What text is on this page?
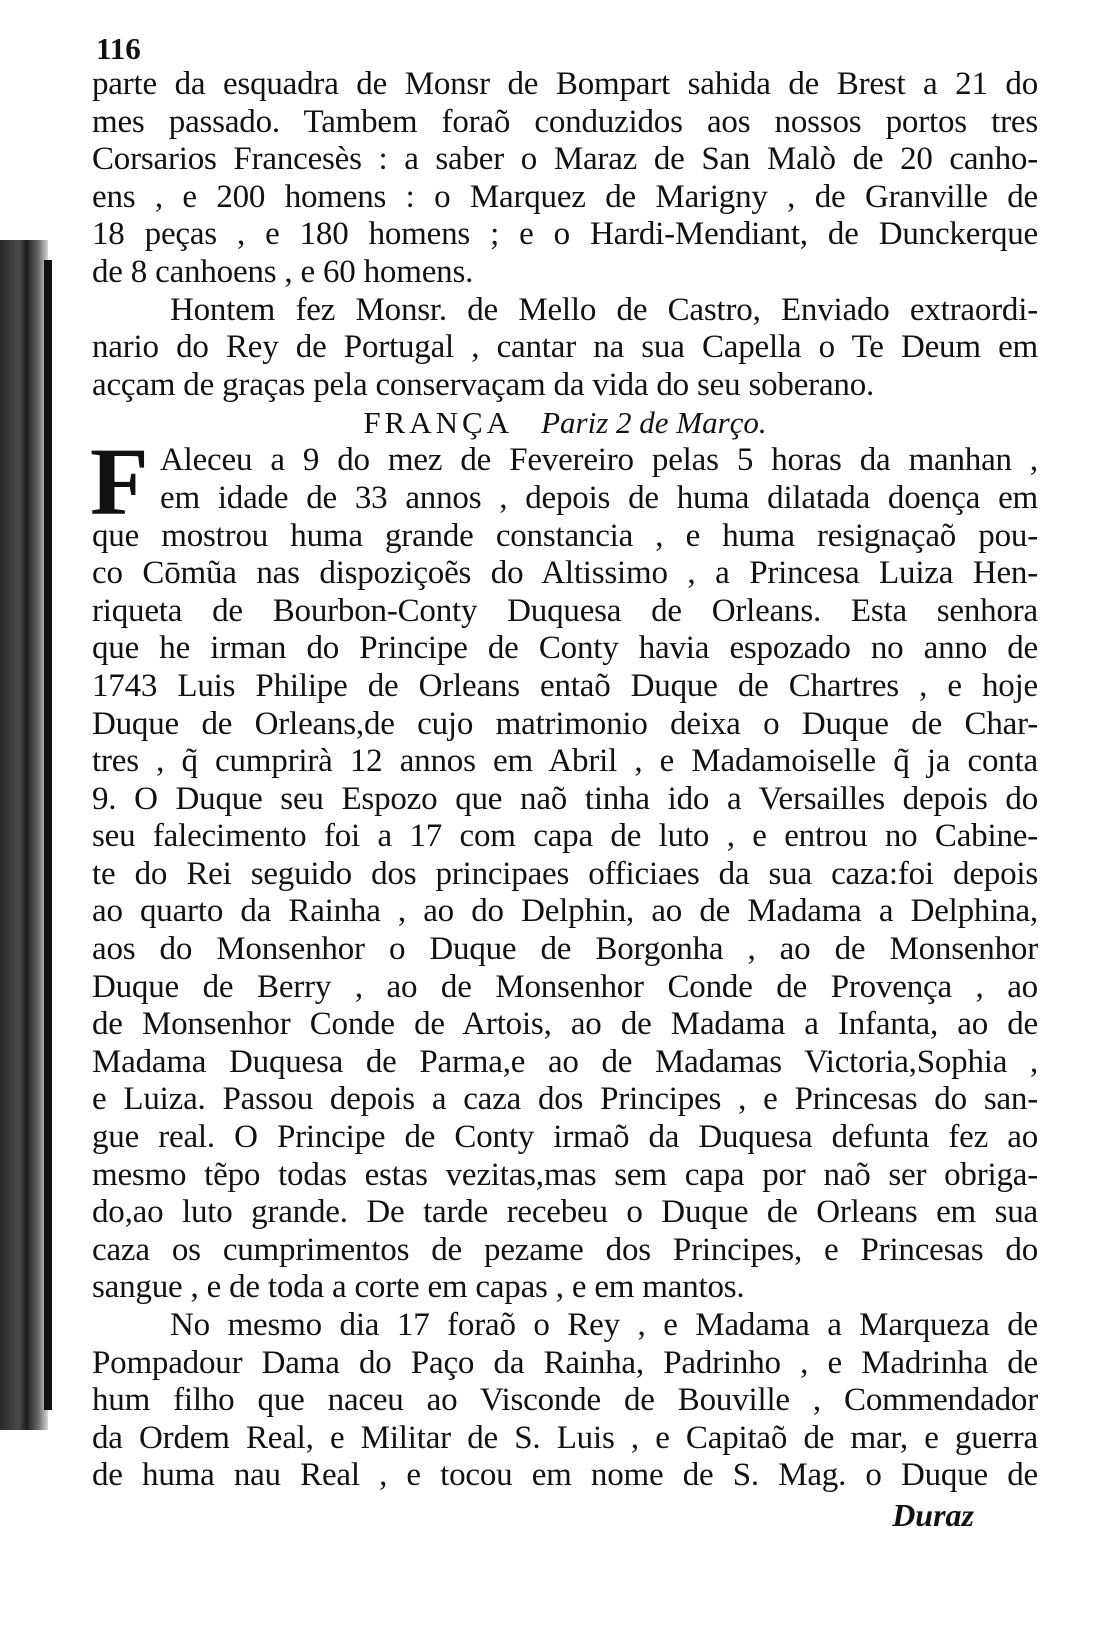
116
parte da esquadra de Monsr de Bompart sahida de Brest a 21 do
mes passado. Tambem foraõ conduzidos aos nossos portos tres
Corsarios Francesès : a saber o Maraz de San Malò de 20 canho-
ens , e 200 homens : o Marquez de Marigny , de Granville de
18 peças , e 180 homens ; e o Hardi-Mendiant, de Dunckerque
de 8 canhoens , e 60 homens.
Hontem fez Monsr. de Mello de Castro, Enviado extraordi-
nario do Rey de Portugal , cantar na sua Capella o Te Deum em
acçam de graças pela conservaçam da vida do seu soberano.
FRANÇA Pariz 2 de Março.
F Aleceu a 9 do mez de Fevereiro pelas 5 horas da manhan ,
em idade de 33 annos , depois de huma dilatada doença em
que mostrou huma grande constancia , e huma resignaçaõ pou-
co Cōmũa nas dispoziçoẽs do Altissimo , a Princesa Luiza Hen-
riqueta de Bourbon-Conty Duquesa de Orleans. Esta senhora
que he irman do Principe de Conty havia espozado no anno de
1743 Luis Philipe de Orleans entaõ Duque de Chartres , e hoje
Duque de Orleans,de cujo matrimonio deixa o Duque de Char-
tres , q̃ cumprirà 12 annos em Abril , e Madamoiselle q̃ ja conta
9. O Duque seu Espozo que naõ tinha ido a Versailles depois do
seu falecimento foi a 17 com capa de luto , e entrou no Cabine-
te do Rei seguido dos principaes officiaes da sua caza:foi depois
ao quarto da Rainha , ao do Delphin, ao de Madama a Delphina,
aos do Monsenhor o Duque de Borgonha , ao de Monsenhor
Duque de Berry , ao de Monsenhor Conde de Provença , ao
de Monsenhor Conde de Artois, ao de Madama a Infanta, ao de
Madama Duquesa de Parma,e ao de Madamas Victoria,Sophia ,
e Luiza. Passou depois a caza dos Principes , e Princesas do san-
gue real. O Principe de Conty irmaõ da Duquesa defunta fez ao
mesmo tẽpo todas estas vezitas,mas sem capa por naõ ser obriga-
do,ao luto grande. De tarde recebeu o Duque de Orleans em sua
caza os cumprimentos de pezame dos Principes, e Princesas do
sangue , e de toda a corte em capas , e em mantos.
No mesmo dia 17 foraõ o Rey , e Madama a Marqueza de
Pompadour Dama do Paço da Rainha, Padrinho , e Madrinha de
hum filho que naceu ao Visconde de Bouville , Commendador
da Ordem Real, e Militar de S. Luis , e Capitaõ de mar, e guerra
de huma nau Real , e tocou em nome de S. Mag. o Duque de
Duraz
